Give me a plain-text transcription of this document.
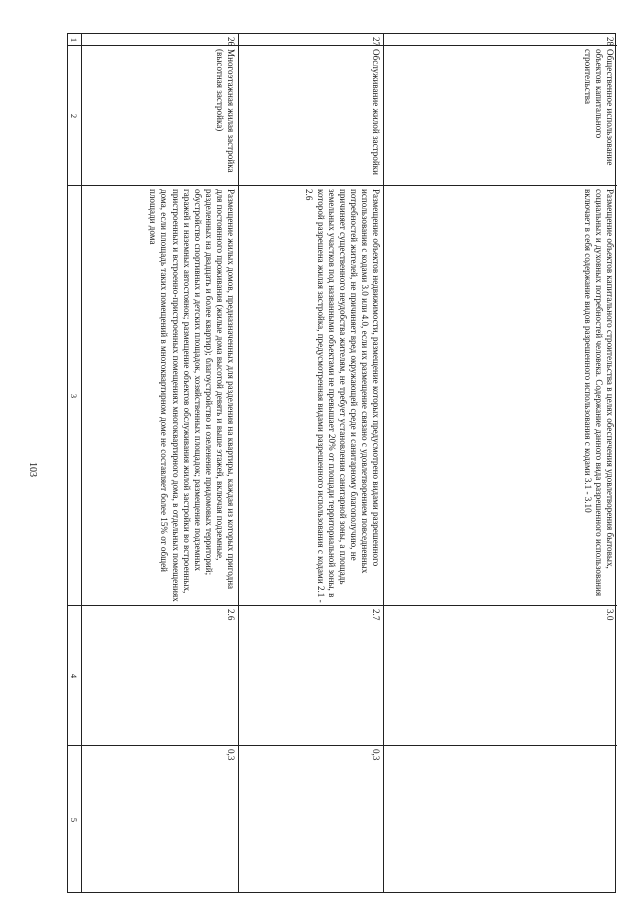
103
1
2
3
4
5
26
Многоэтажная жилая застройка (высотная застройка)
Размещение жилых домов, предназначенных для разделения на квартиры, каждая из которых пригодна для постоянного проживания (жилые дома высотой девять и выше этажей, включая подземные, разделенных на двадцать и более квартир); благоустройство и озеленение придомовых территорий; обустройство спортивных и детских площадок, хозяйственных площадок; размещение подземных гаражей и наземных автостоянок; размещение объектов обслуживания жилой застройки во встроенных, пристроенных и встроенно-пристроенных помещениях многоквартирного дома, в отдельных помещениях дома, если площадь таких помещений в многоквартирном доме не составляет более 15% от общей площади дома
2.6
0,3
27
Обслуживание жилой застройки
Размещение объектов недвижимости, размещение которых предусмотрено видами разрешенного использования с кодами 3.0 или 4.0, если их размещение связано с удовлетворением повседневных потребностей жителей, не причиняет вред окружающей среде и санитарному благополучию, не причиняет существенного неудобства жителям, не требует установления санитарной зоны, а площадь земельных участков под названными объектами не превышает 20% от площади территориальной зоны, в которой разрешена жилая застройка, предусмотренная видами разрешенного использования с кодами 2.1 - 2.6
2.7
0,3
28
Общественное использование объектов капитального строительства
Размещение объектов капитального строительства в целях обеспечения удовлетворения бытовых, социальных и духовных потребностей человека. Содержание данного вида разрешенного использования включает в себя содержание видов разрешенного использования с кодами 3.1 - 3.10
3.0
